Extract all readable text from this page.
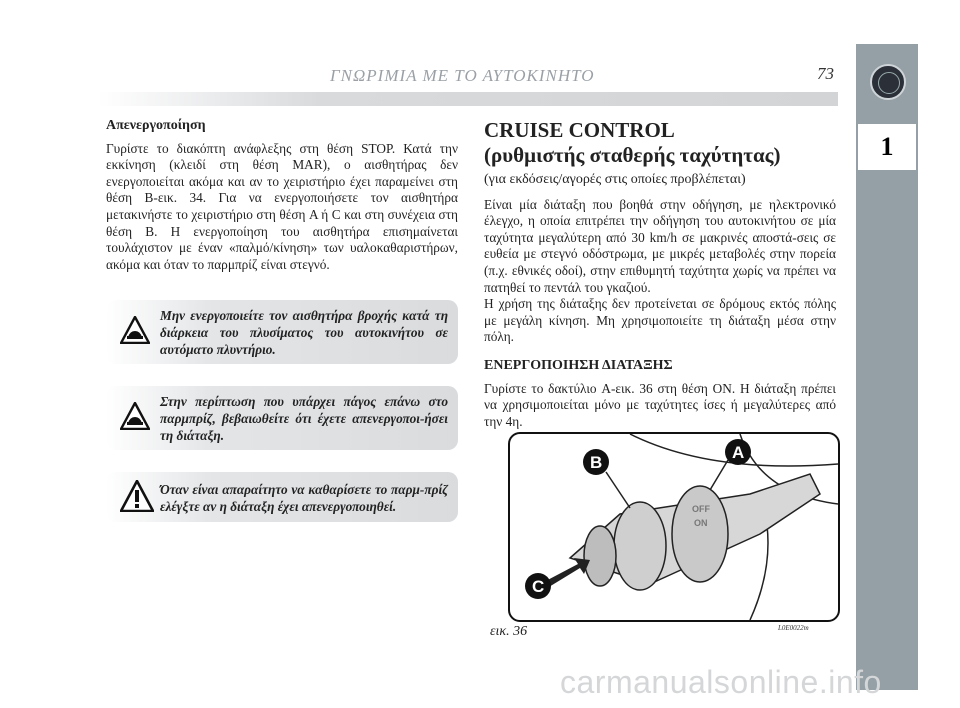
ΓΝΩΡΙΜΙΑ ΜΕ ΤΟ ΑΥΤΟΚΙΝΗΤΟ	73
1
Απενεργοποίηση

Γυρίστε το διακόπτη ανάφλεξης στη θέση STOP. Κατά την εκκίνηση (κλειδί στη θέση MAR), ο αισθητήρας δεν ενεργοποιείται ακόμα και αν το χειριστήριο έχει παραμείνει στη θέση B-εικ. 34. Για να ενεργοποιήσετε τον αισθητήρα μετακινήστε το χειριστήριο στη θέση A ή C και στη συνέχεια στη θέση B. Η ενεργοποίηση του αισθητήρα επισημαίνεται τουλάχιστον με έναν «παλμό/κίνηση» των υαλοκαθαριστήρων, ακόμα και όταν το παρμπρίζ είναι στεγνό.

Μην ενεργοποιείτε τον αισθητήρα βροχής κατά τη διάρκεια του πλυσίματος του αυτοκινήτου σε αυτόματο πλυντήριο.
Στην περίπτωση που υπάρχει πάγος επάνω στο παρμπρίζ, βεβαιωθείτε ότι έχετε απενεργοποι-ήσει τη διάταξη.
Όταν είναι απαραίτητο να καθαρίσετε το παρμ-πρίζ ελέγξτε αν η διάταξη έχει απενεργοποιηθεί.
CRUISE CONTROL
(ρυθμιστής σταθερής ταχύτητας)
(για εκδόσεις/αγορές στις οποίες προβλέπεται)

Είναι μία διάταξη που βοηθά στην οδήγηση, με ηλεκτρονικό έλεγχο, η οποία επιτρέπει την οδήγηση του αυτοκινήτου σε μία ταχύτητα μεγαλύτερη από 30 km/h σε μακρινές αποστά-σεις σε ευθεία με στεγνό οδόστρωμα, με μικρές μεταβολές στην πορεία (π.χ. εθνικές οδοί), στην επιθυμητή ταχύτητα χωρίς να πρέπει να πατηθεί το πεντάλ του γκαζιού.

Η χρήση της διάταξης δεν προτείνεται σε δρόμους εκτός πόλης με μεγάλη κίνηση. Μη χρησιμοποιείτε τη διάταξη μέσα στην πόλη.

ΕΝΕΡΓΟΠΟΙΗΣΗ ΔΙΑΤΑΞΗΣ

Γυρίστε το δακτύλιο A-εικ. 36 στη θέση ON. Η διάταξη πρέπει να χρησιμοποιείται μόνο με ταχύτητες ίσες ή μεγαλύτερες από την 4η.

OFF
ON
B
A
C
εικ. 36	L0E0022m
carmanualsonline.info
